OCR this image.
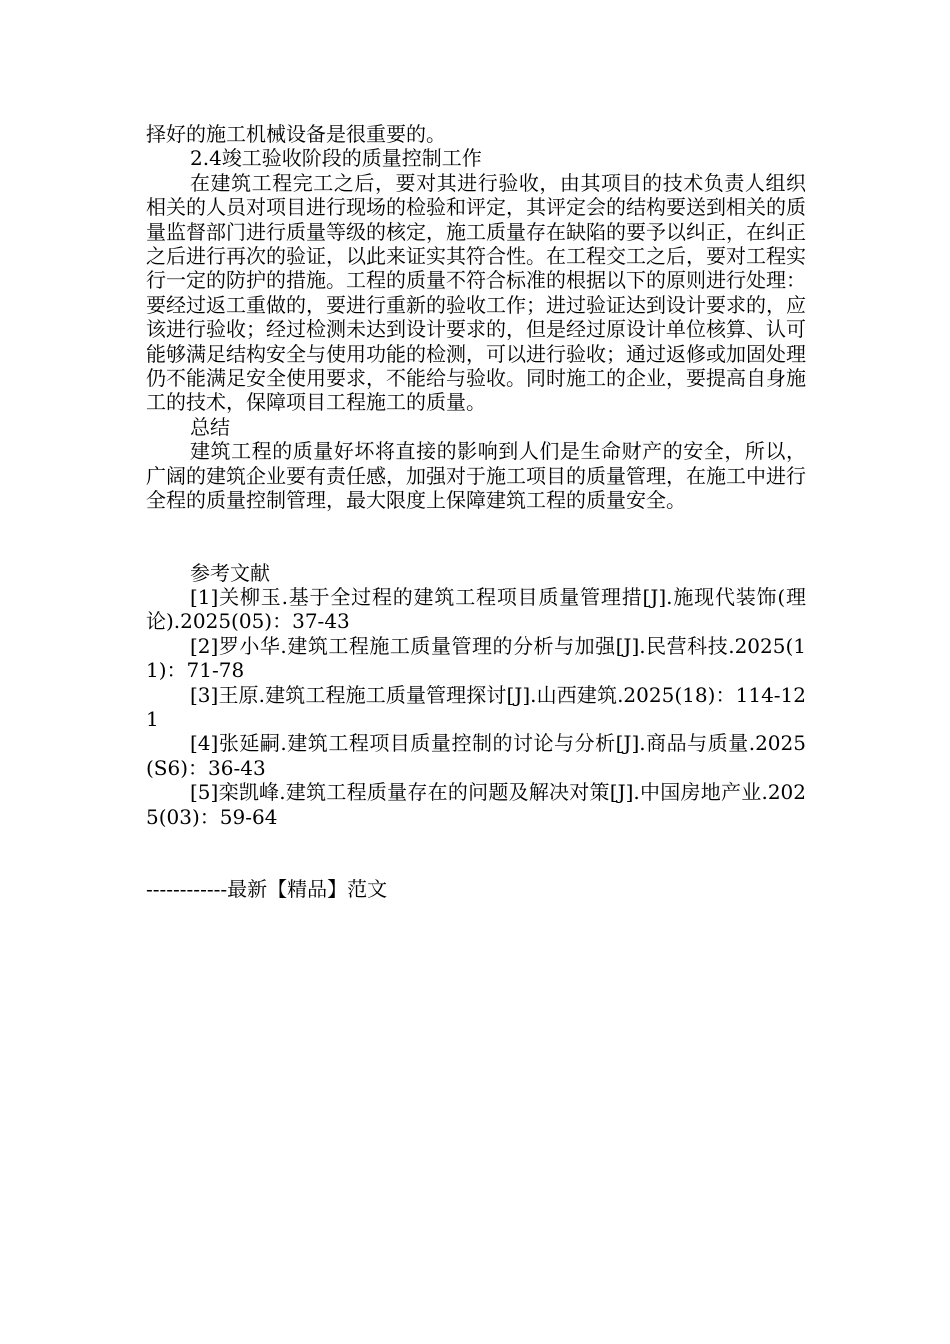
择好的施工机械设备是很重要的。

2.4竣工验收阶段的质量控制工作

在建筑工程完工之后，要对其进行验收，由其项目的技术负责人组织相关的人员对项目进行现场的检验和评定，其评定会的结构要送到相关的质量监督部门进行质量等级的核定，施工质量存在缺陷的要予以纠正，在纠正之后进行再次的验证，以此来证实其符合性。在工程交工之后，要对工程实行一定的防护的措施。工程的质量不符合标准的根据以下的原则进行处理：要经过返工重做的，要进行重新的验收工作；进过验证达到设计要求的，应该进行验收；经过检测未达到设计要求的，但是经过原设计单位核算、认可能够满足结构安全与使用功能的检测，可以进行验收；通过返修或加固处理仍不能满足安全使用要求，不能给与验收。同时施工的企业，要提高自身施工的技术，保障项目工程施工的质量。

总结

建筑工程的质量好坏将直接的影响到人们是生命财产的安全，所以，广阔的建筑企业要有责任感，加强对于施工项目的质量管理，在施工中进行全程的质量控制管理，最大限度上保障建筑工程的质量安全。

参考文献

[1]关柳玉.基于全过程的建筑工程项目质量管理措[J].施现代装饰(理论).2025(05)：37-43

[2]罗小华.建筑工程施工质量管理的分析与加强[J].民营科技.2025(11)：71-78

[3]王原.建筑工程施工质量管理探讨[J].山西建筑.2025(18)：114-121

[4]张延嗣.建筑工程项目质量控制的讨论与分析[J].商品与质量.2025(S6)：36-43

[5]栾凯峰.建筑工程质量存在的问题及解决对策[J].中国房地产业.2025(03)：59-64

------------最新【精品】范文
